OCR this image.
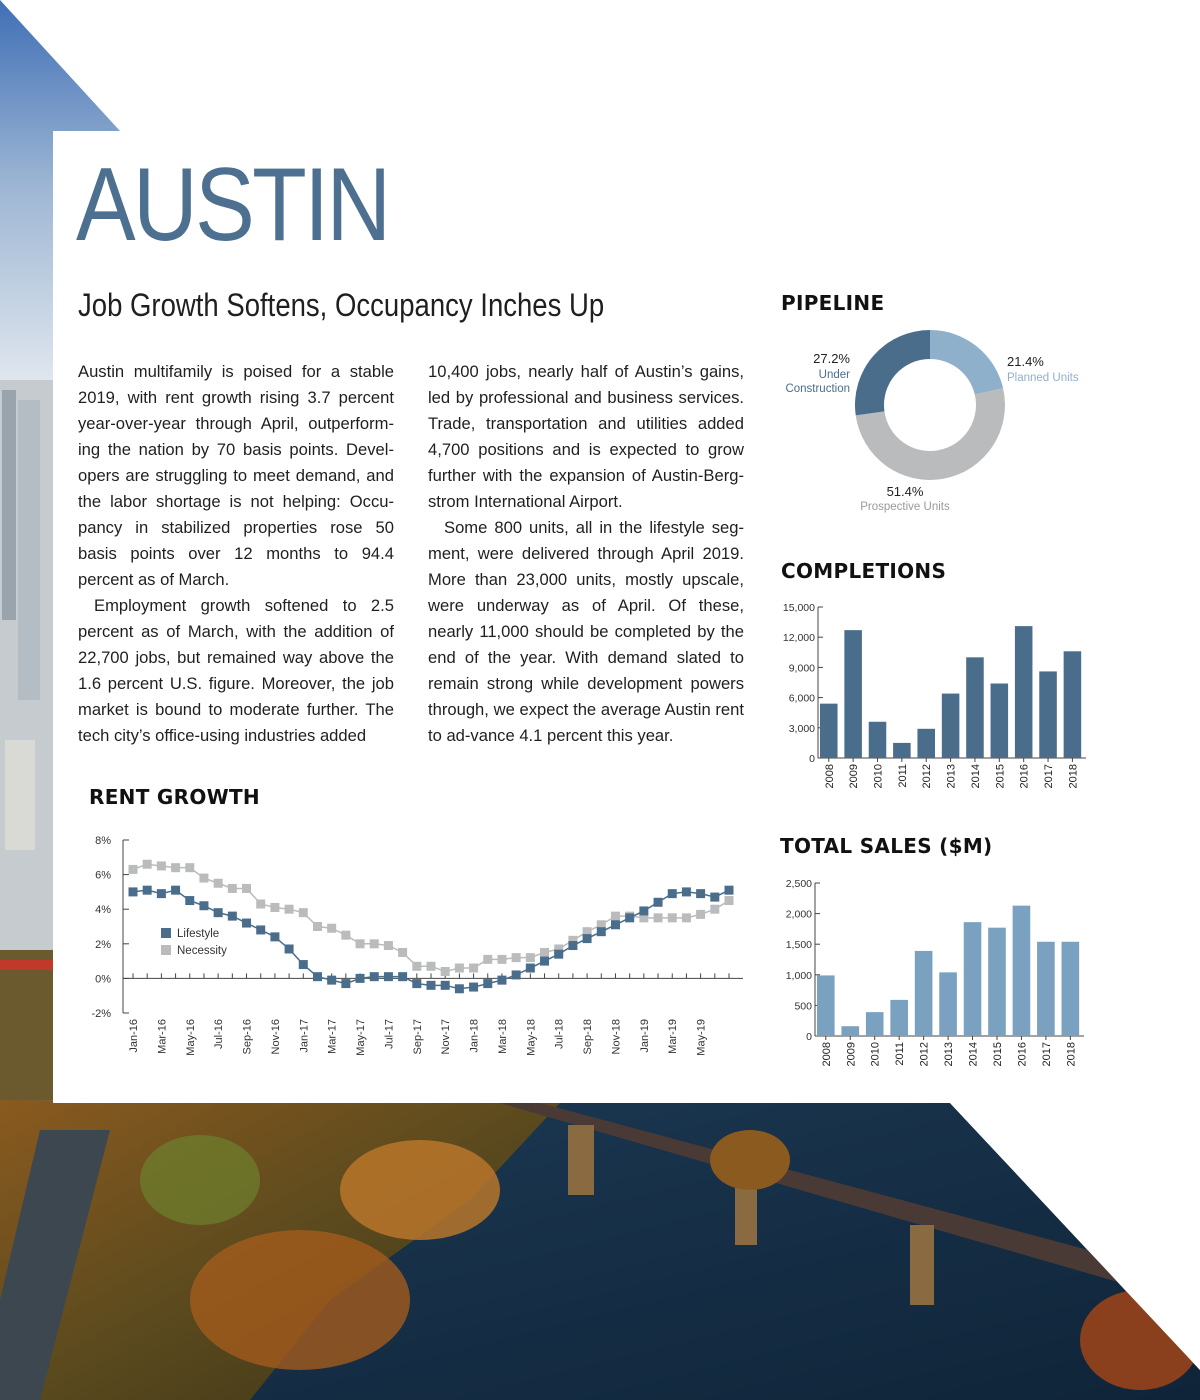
AUSTIN
Job Growth Softens, Occupancy Inches Up

Austin multifamily is poised for a stable 2019, with rent growth rising 3.7 percent year-over-year through April, outperform-ing the nation by 70 basis points. Devel-opers are struggling to meet demand, and the labor shortage is not helping: Occu-pancy in stabilized properties rose 50 basis points over 12 months to 94.4 percent as of March.

Employment growth softened to 2.5 percent as of March, with the addition of 22,700 jobs, but remained way above the 1.6 percent U.S. figure. Moreover, the job market is bound to moderate further. The tech city’s office-using industries added

10,400 jobs, nearly half of Austin’s gains, led by professional and business services. Trade, transportation and utilities added 4,700 positions and is expected to grow further with the expansion of Austin-Berg-strom International Airport.

Some 800 units, all in the lifestyle seg-ment, were delivered through April 2019. More than 23,000 units, mostly upscale, were underway as of April. Of these, nearly 11,000 should be completed by the end of the year. With demand slated to remain strong while development powers through, we expect the average Austin rent to ad-vance 4.1 percent this year.

RENT GROWTH
8%
6%
4%
2%
0%
-2%
Jan-16 Mar-16 May-16 Jul-16 Sep-16 Nov-16 Jan-17 Mar-17 May-17 Jul-17 Sep-17 Nov-17 Jan-18 Mar-18 May-18 Jul-18 Sep-18 Nov-18 Jan-19 Mar-19 May-19
Lifestyle
Necessity
PIPELINE
27.2%
Under
Construction
21.4%
Planned Units
51.4%
Prospective Units
COMPLETIONS
15,000
12,000
9,000
6,000
3,000
0
2008 2009 2010 2011 2012 2013 2014 2015 2016 2017 2018
TOTAL SALES ($M)
2,500
2,000
1,500
1,000
500
0
2008 2009 2010 2011 2012 2013 2014 2015 2016 2017 2018
